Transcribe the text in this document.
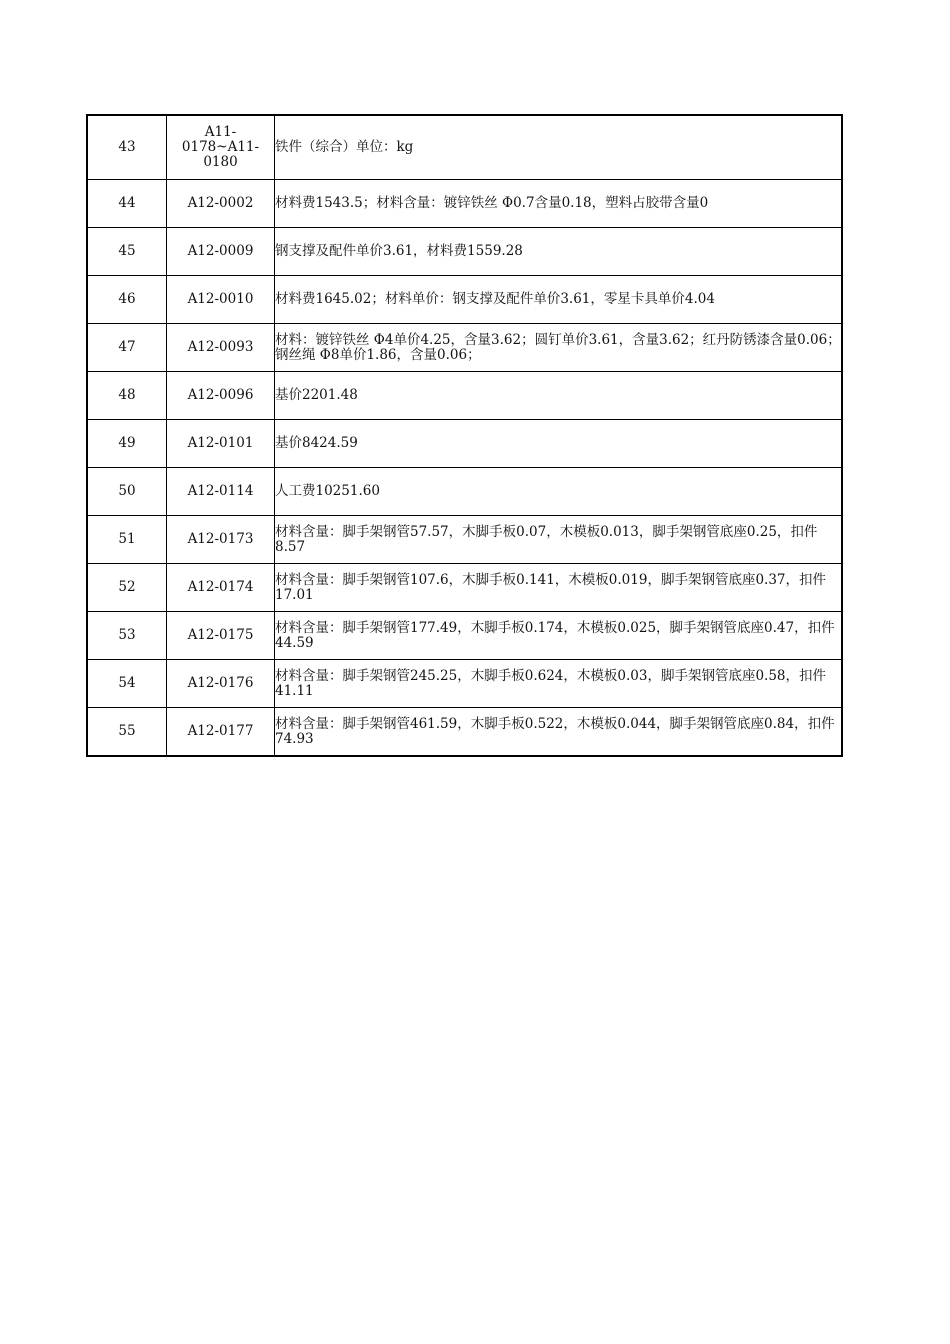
43	A11-0178~A11-0180	铁件（综合）单位：kg
44	A12-0002	材料费1543.5；材料含量：镀锌铁丝 Φ0.7含量0.18，塑料占胶带含量0
45	A12-0009	钢支撑及配件单价3.61，材料费1559.28
46	A12-0010	材料费1645.02；材料单价：钢支撑及配件单价3.61，零星卡具单价4.04
47	A12-0093	材料：镀锌铁丝 Φ4单价4.25，含量3.62；圆钉单价3.61，含量3.62；红丹防锈漆含量0.06；钢丝绳 Φ8单价1.86，含量0.06；
48	A12-0096	基价2201.48
49	A12-0101	基价8424.59
50	A12-0114	人工费10251.60
51	A12-0173	材料含量：脚手架钢管57.57，木脚手板0.07，木模板0.013，脚手架钢管底座0.25，扣件8.57
52	A12-0174	材料含量：脚手架钢管107.6，木脚手板0.141，木模板0.019，脚手架钢管底座0.37，扣件17.01
53	A12-0175	材料含量：脚手架钢管177.49，木脚手板0.174，木模板0.025，脚手架钢管底座0.47，扣件44.59
54	A12-0176	材料含量：脚手架钢管245.25，木脚手板0.624，木模板0.03，脚手架钢管底座0.58，扣件41.11
55	A12-0177	材料含量：脚手架钢管461.59，木脚手板0.522，木模板0.044，脚手架钢管底座0.84，扣件74.93
